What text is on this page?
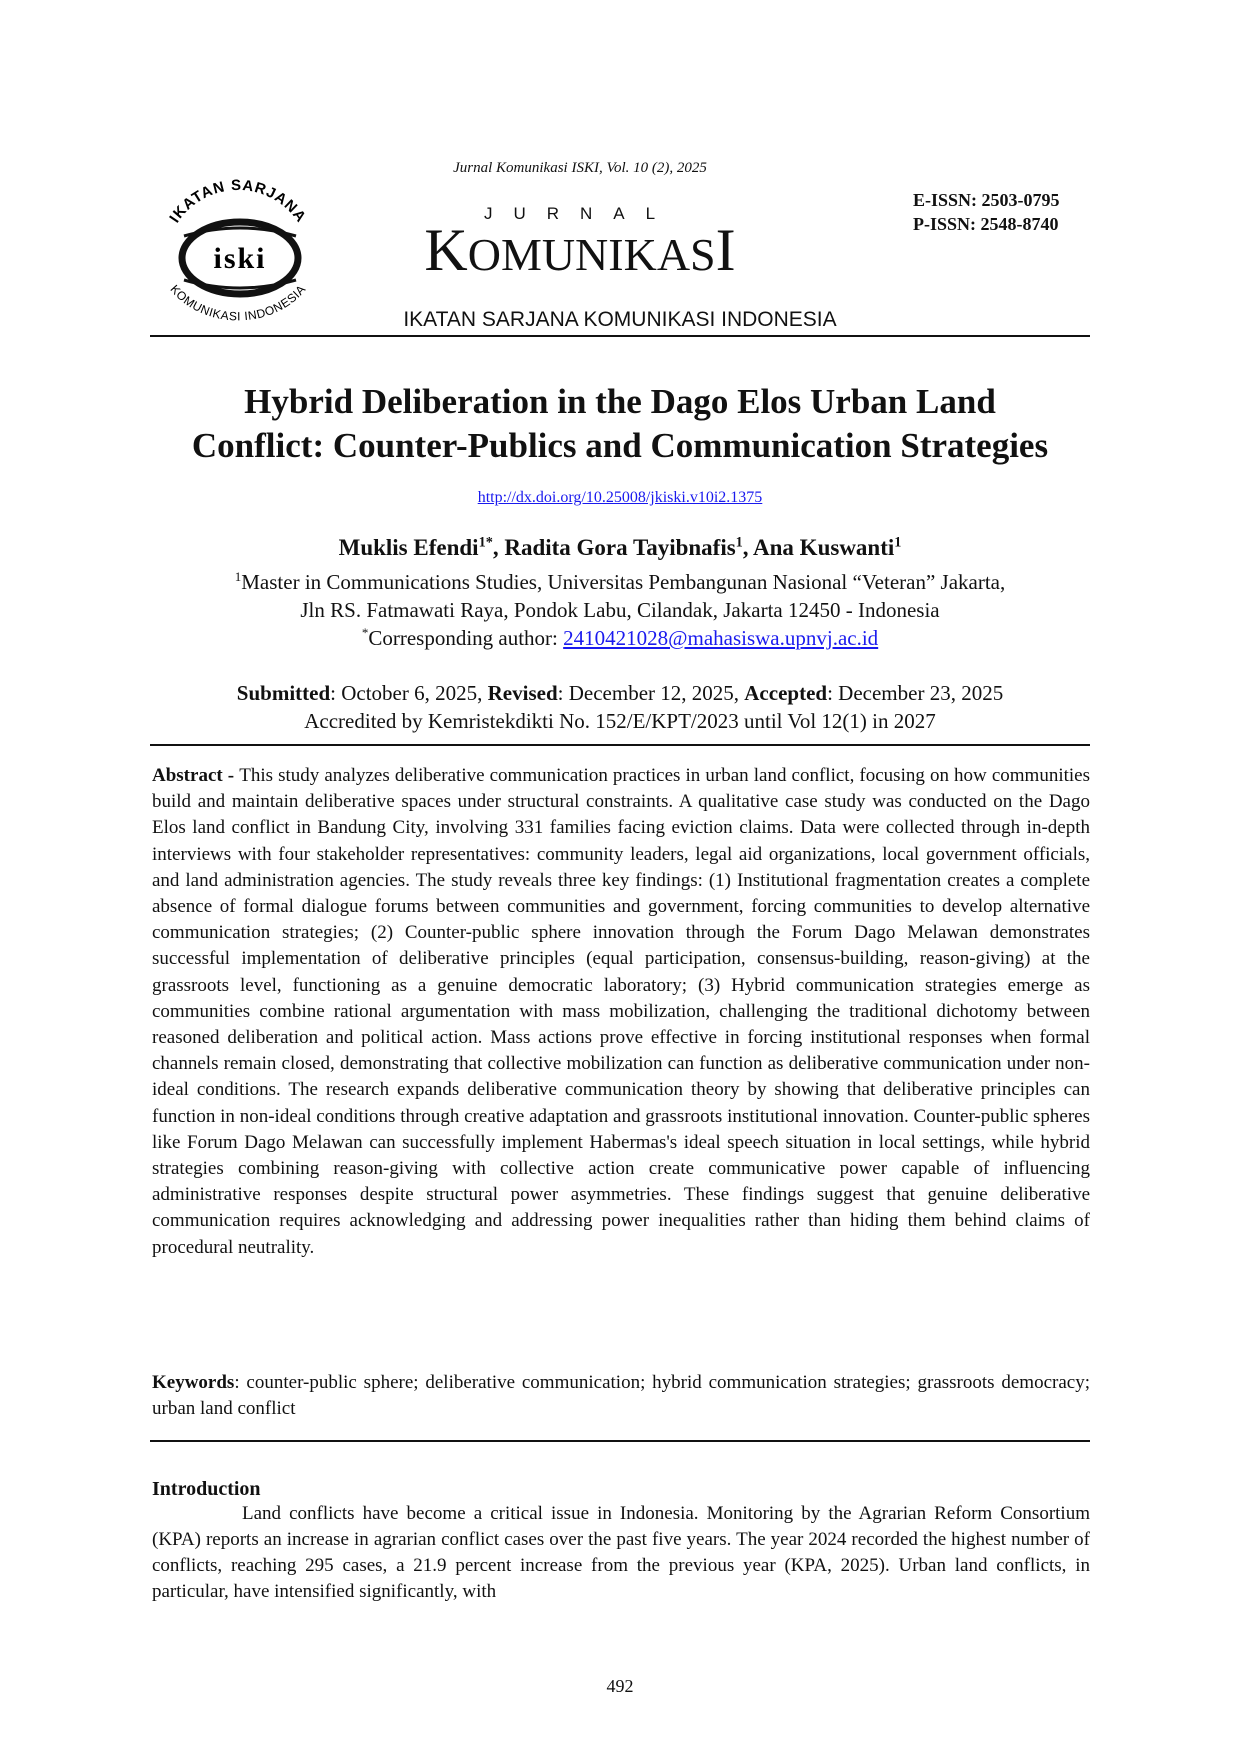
Jurnal Komunikasi ISKI, Vol. 10 (2), 2025
IKATAN SARJANA
iski
KOMUNIKASI INDONESIA
JURNAL
KOMUNIKASI
E-ISSN: 2503-0795
P-ISSN: 2548-8740
IKATAN SARJANA KOMUNIKASI INDONESIA
Hybrid Deliberation in the Dago Elos Urban Land
Conflict: Counter-Publics and Communication Strategies
http://dx.doi.org/10.25008/jkiski.v10i2.1375
Muklis Efendi$^{1*}$, Radita Gora Tayibnafis$^1$, Ana Kuswanti$^1$
$^1$Master in Communications Studies, Universitas Pembangunan Nasional “Veteran” Jakarta,
Jln RS. Fatmawati Raya, Pondok Labu, Cilandak, Jakarta 12450 - Indonesia
*Corresponding author: 2410421028@mahasiswa.upnvj.ac.id
Submitted: October 6, 2025, Revised: December 12, 2025, Accepted: December 23, 2025
Accredited by Kemristekdikti No. 152/E/KPT/2023 until Vol 12(1) in 2027

Abstract - This study analyzes deliberative communication practices in urban land conflict, focusing on how communities build and maintain deliberative spaces under structural constraints. A qualitative case study was conducted on the Dago Elos land conflict in Bandung City, involving 331 families facing eviction claims. Data were collected through in-depth interviews with four stakeholder representatives: community leaders, legal aid organizations, local government officials, and land administration agencies. The study reveals three key findings: (1) Institutional fragmentation creates a complete absence of formal dialogue forums between communities and government, forcing communities to develop alternative communication strategies; (2) Counter-public sphere innovation through the Forum Dago Melawan demonstrates successful implementation of deliberative principles (equal participation, consensus-building, reason-giving) at the grassroots level, functioning as a genuine democratic laboratory; (3) Hybrid communication strategies emerge as communities combine rational argumentation with mass mobilization, challenging the traditional dichotomy between reasoned deliberation and political action. Mass actions prove effective in forcing institutional responses when formal channels remain closed, demonstrating that collective mobilization can function as deliberative communication under non-ideal conditions. The research expands deliberative communication theory by showing that deliberative principles can function in non-ideal conditions through creative adaptation and grassroots institutional innovation. Counter-public spheres like Forum Dago Melawan can successfully implement Habermas's ideal speech situation in local settings, while hybrid strategies combining reason-giving with collective action create communicative power capable of influencing administrative responses despite structural power asymmetries. These findings suggest that genuine deliberative communication requires acknowledging and addressing power inequalities rather than hiding them behind claims of procedural neutrality.

Keywords: counter-public sphere; deliberative communication; hybrid communication strategies; grassroots democracy; urban land conflict

Introduction

Land conflicts have become a critical issue in Indonesia. Monitoring by the Agrarian Reform Consortium (KPA) reports an increase in agrarian conflict cases over the past five years. The year 2024 recorded the highest number of conflicts, reaching 295 cases, a 21.9 percent increase from the previous year (KPA, 2025). Urban land conflicts, in particular, have intensified significantly, with

492
